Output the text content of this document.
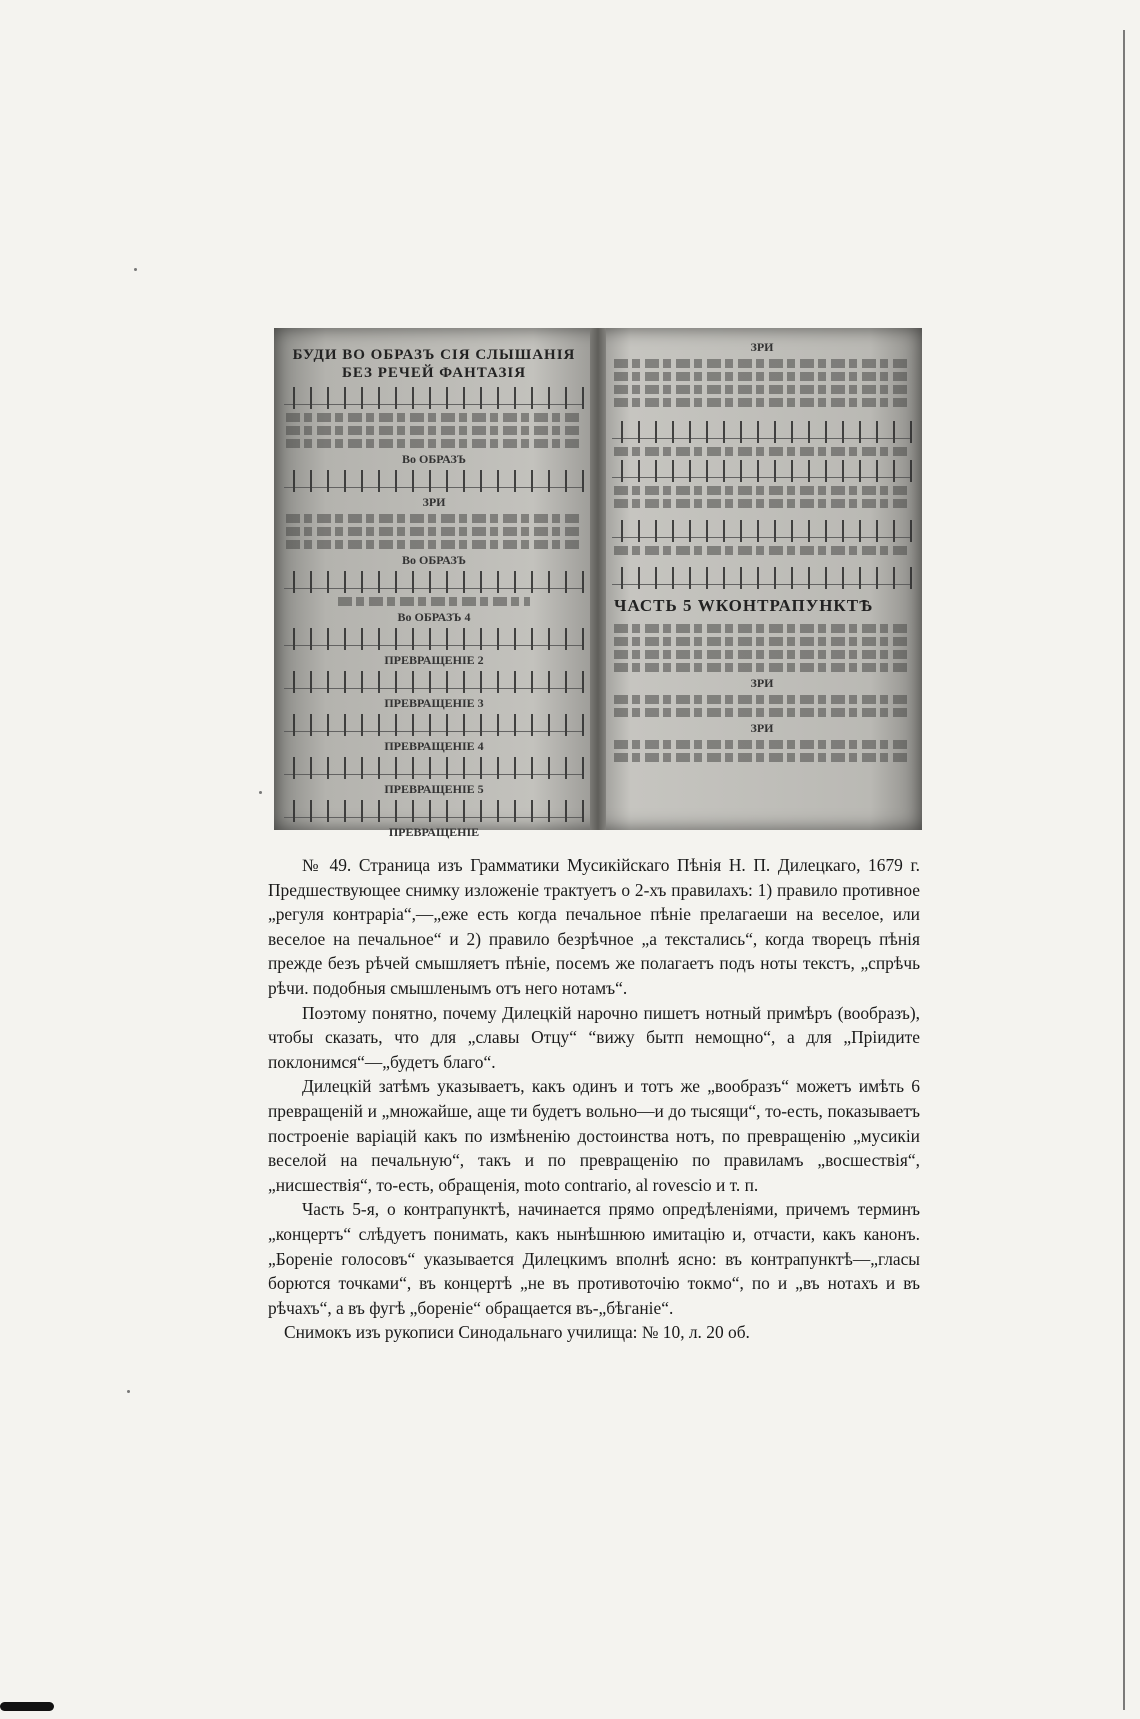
БУДИ ВО ОБРАЗЪ СІЯ СЛЫШАНІЯ БЕЗ РЕЧЕЙ ФАНТАЗІЯ
Во ОБРАЗЪ
ЗРИ
Во ОБРАЗЪ
Во ОБРАЗЪ 4
ПРЕВРАЩЕНІЕ 2
ПРЕВРАЩЕНІЕ 3
ПРЕВРАЩЕНІЕ 4
ПРЕВРАЩЕНІЕ 5
ПРЕВРАЩЕНІЕ
ЗРИ
ЧАСТЬ 5 WКОНТРАПУНКТѢ
ЗРИ
ЗРИ

№ 49. Страница изъ Грамматики Мусикійскаго Пѣнія Н. П. Дилецкаго, 1679 г. Предшествующее снимку изложеніе трактуетъ о 2-хъ правилахъ: 1) правило противное „регуля контраріа“,—„еже есть когда печальное пѣніе прелагаеши на веселое, или веселое на печальное“ и 2) правило безрѣчное „а текстались“, когда творецъ пѣнія прежде безъ рѣчей смышляетъ пѣніе, посемъ же полагаетъ подъ ноты текстъ, „спрѣчь рѣчи. подобныя смышленымъ отъ него нотамъ“.

Поэтому понятно, почему Дилецкій нарочно пишетъ нотный примѣръ (вообразъ), чтобы сказать, что для „славы Отцу“ “вижу бытп немощно“, а для „Пріидите поклонимся“—„будетъ благо“.

Дилецкій затѣмъ указываетъ, какъ одинъ и тотъ же „вообразъ“ можетъ имѣть 6 превращеній и „множайше, аще ти будетъ вольно—и до тысящи“, то-есть, показываетъ построеніе варіацій какъ по измѣненію достоинства нотъ, по превращенію „мусикіи веселой на печальную“, такъ и по превращенію по правиламъ „восшествія“, „нисшествія“, то-есть, обращенія, moto contrario, al rovescio и т. п.

Часть 5-я, о контрапунктѣ, начинается прямо опредѣленіями, причемъ терминъ „концертъ“ слѣдуетъ понимать, какъ нынѣшнюю имитацію и, отчасти, какъ канонъ. „Бореніе голосовъ“ указывается Дилецкимъ вполнѣ ясно: въ контрапунктѣ—„гласы борются точками“, въ концертѣ „не въ противоточію токмо“, по и „въ нотахъ и въ рѣчахъ“, а въ фугѣ „бореніе“ обращается въ-„бѣганіе“.

Снимокъ изъ рукописи Синодальнаго училища: № 10, л. 20 об.
